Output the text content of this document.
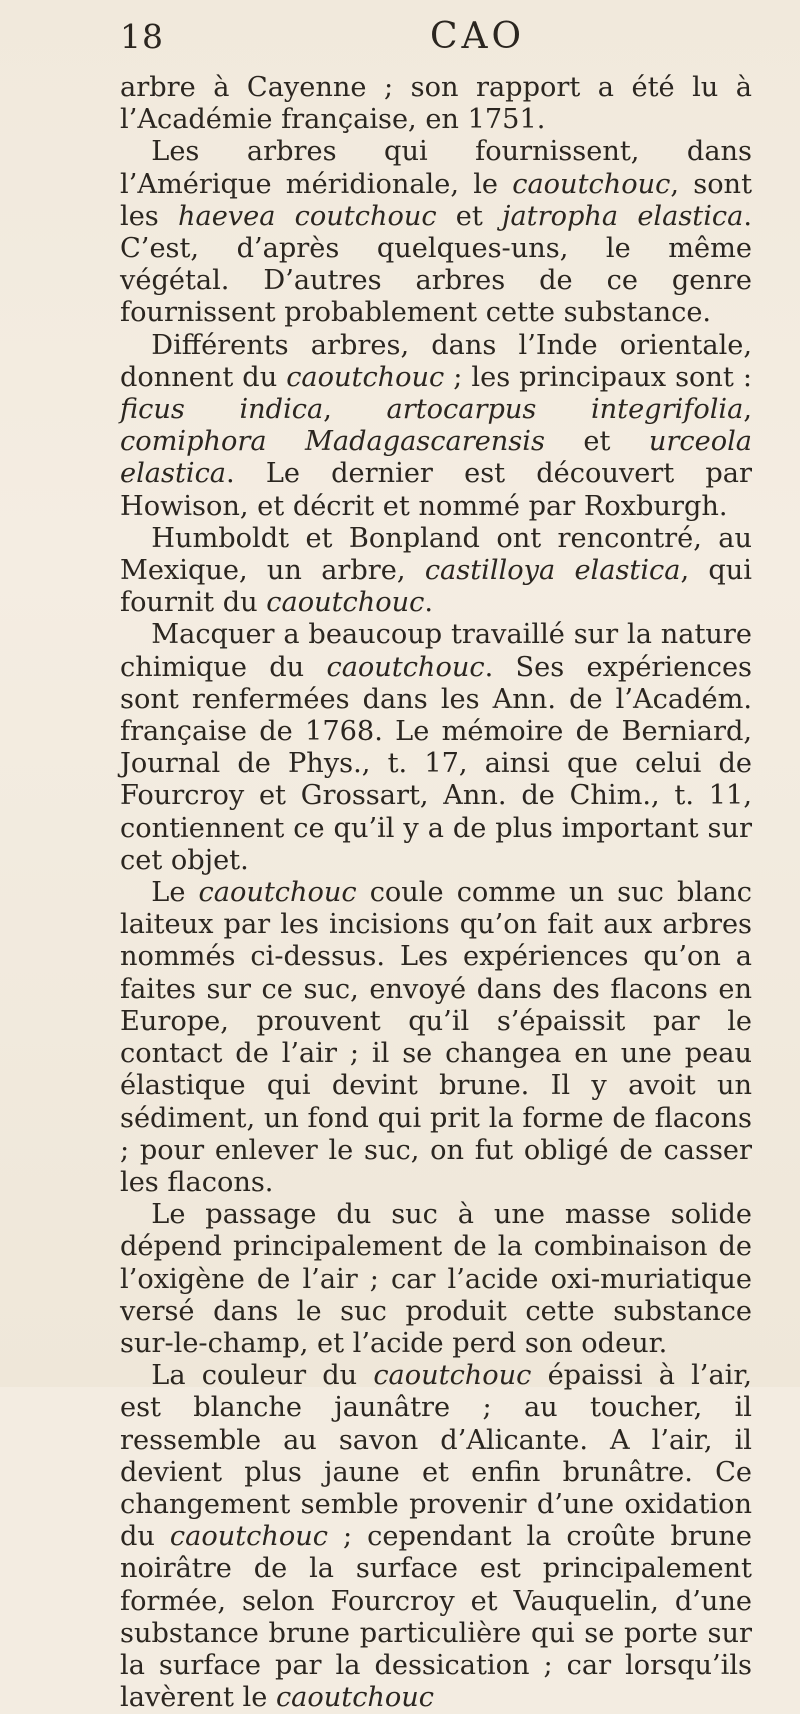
18	CAO

arbre à Cayenne ; son rapport a été lu à l’Académie française, en 1751.

Les arbres qui fournissent, dans l’Amérique méridionale, le caoutchouc, sont les haevea coutchouc et jatropha elastica. C’est, d’après quelques-uns, le même végétal. D’autres arbres de ce genre fournissent probablement cette substance.

Différents arbres, dans l’Inde orientale, donnent du caoutchouc ; les principaux sont : ficus indica, artocarpus integrifolia, comiphora Madagascarensis et urceola elastica. Le dernier est découvert par Howison, et décrit et nommé par Roxburgh.

Humboldt et Bonpland ont rencontré, au Mexique, un arbre, castilloya elastica, qui fournit du caoutchouc.

Macquer a beaucoup travaillé sur la nature chimique du caoutchouc. Ses expériences sont renfermées dans les Ann. de l’Académ. française de 1768. Le mémoire de Berniard, Journal de Phys., t. 17, ainsi que celui de Fourcroy et Grossart, Ann. de Chim., t. 11, contiennent ce qu’il y a de plus important sur cet objet.

Le caoutchouc coule comme un suc blanc laiteux par les incisions qu’on fait aux arbres nommés ci-dessus. Les expériences qu’on a faites sur ce suc, envoyé dans des flacons en Europe, prouvent qu’il s’épaissit par le contact de l’air ; il se changea en une peau élastique qui devint brune. Il y avoit un sédiment, un fond qui prit la forme de flacons ; pour enlever le suc, on fut obligé de casser les flacons.

Le passage du suc à une masse solide dépend principalement de la combinaison de l’oxigène de l’air ; car l’acide oxi-muriatique versé dans le suc produit cette substance sur-le-champ, et l’acide perd son odeur.

La couleur du caoutchouc épaissi à l’air, est blanche jaunâtre ; au toucher, il ressemble au savon d’Alicante. A l’air, il devient plus jaune et enfin brunâtre. Ce changement semble provenir d’une oxidation du caoutchouc ; cependant la croûte brune noirâtre de la surface est principalement formée, selon Fourcroy et Vauquelin, d’une substance brune particulière qui se porte sur la surface par la dessication ; car lorsqu’ils lavèrent le caoutchouc
